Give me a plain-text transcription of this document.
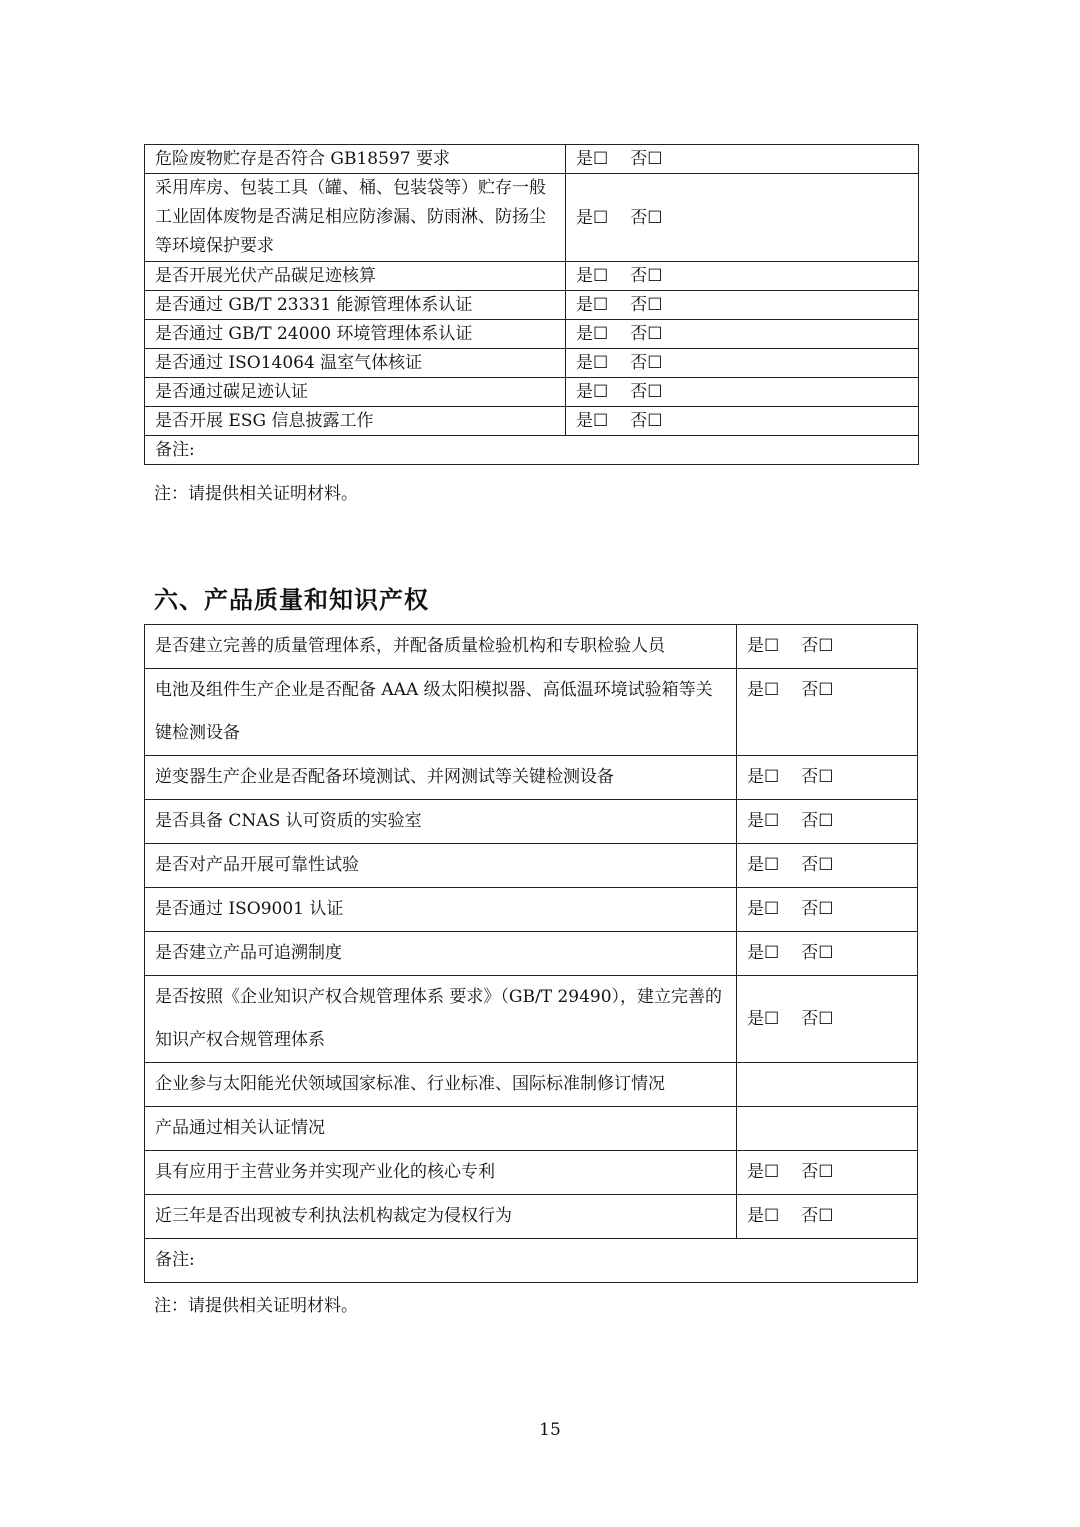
危险废物贮存是否符合 GB18597 要求	是☐ 否☐
采用库房、包装工具（罐、桶、包装袋等）贮存一般工业固体废物是否满足相应防渗漏、防雨淋、防扬尘等环境保护要求	是☐ 否☐
是否开展光伏产品碳足迹核算	是☐ 否☐
是否通过 GB/T 23331 能源管理体系认证	是☐ 否☐
是否通过 GB/T 24000 环境管理体系认证	是☐ 否☐
是否通过 ISO14064 温室气体核证	是☐ 否☐
是否通过碳足迹认证	是☐ 否☐
是否开展 ESG 信息披露工作	是☐ 否☐
备注:	
注：请提供相关证明材料。
六、产品质量和知识产权
是否建立完善的质量管理体系，并配备质量检验机构和专职检验人员	是☐ 否☐
电池及组件生产企业是否配备 AAA 级太阳模拟器、高低温环境试验箱等关键检测设备	是☐ 否☐
逆变器生产企业是否配备环境测试、并网测试等关键检测设备	是☐ 否☐
是否具备 CNAS 认可资质的实验室	是☐ 否☐
是否对产品开展可靠性试验	是☐ 否☐
是否通过 ISO9001 认证	是☐ 否☐
是否建立产品可追溯制度	是☐ 否☐
是否按照《企业知识产权合规管理体系 要求》（GB/T 29490），建立完善的知识产权合规管理体系	是☐ 否☐
企业参与太阳能光伏领域国家标准、行业标准、国际标准制修订情况	
产品通过相关认证情况	
具有应用于主营业务并实现产业化的核心专利	是☐ 否☐
近三年是否出现被专利执法机构裁定为侵权行为	是☐ 否☐
备注:	
注：请提供相关证明材料。
15
